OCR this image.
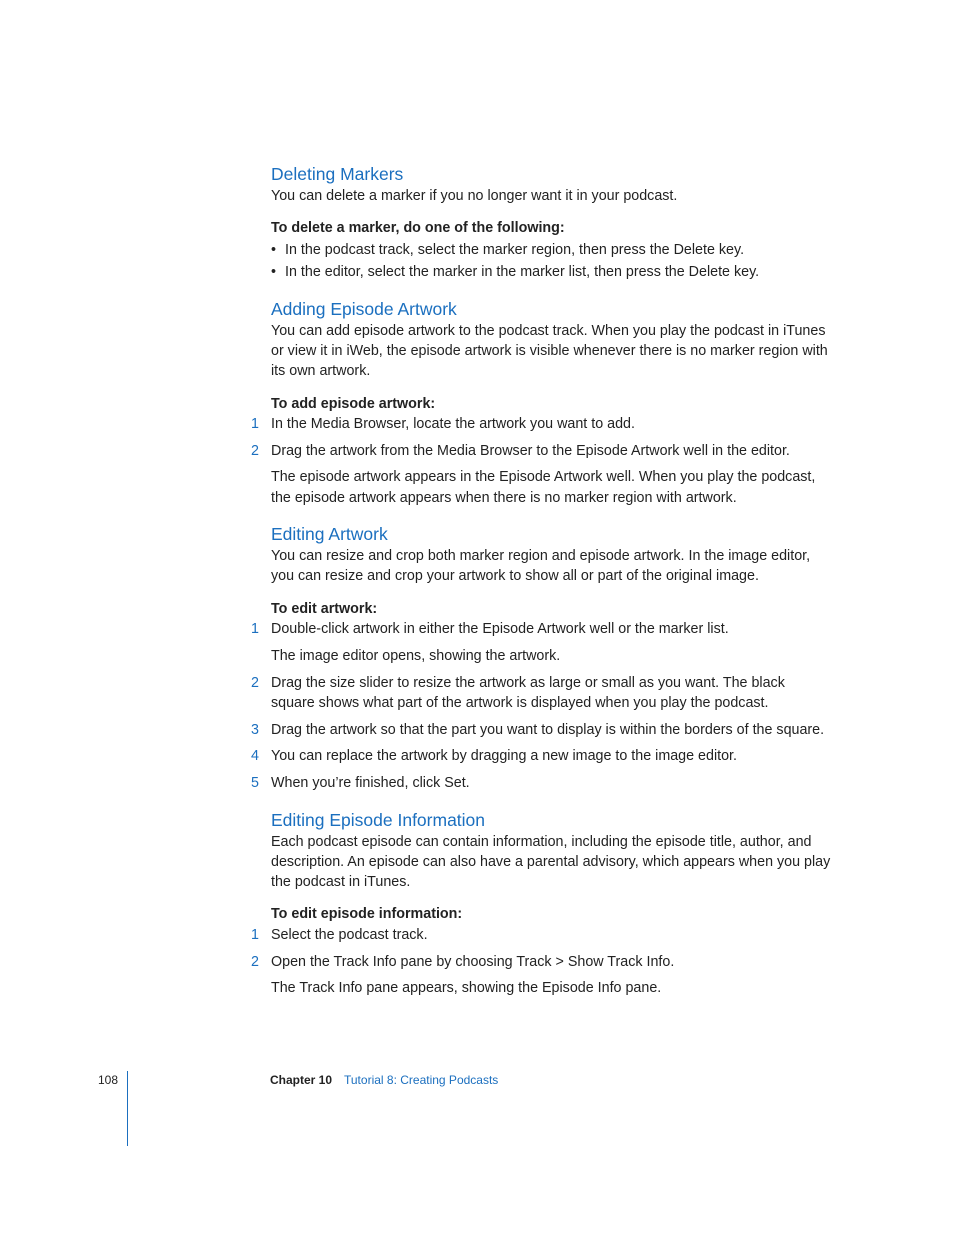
Deleting Markers

You can delete a marker if you no longer want it in your podcast.

To delete a marker, do one of the following:

• In the podcast track, select the marker region, then press the Delete key.
• In the editor, select the marker in the marker list, then press the Delete key.
Adding Episode Artwork

You can add episode artwork to the podcast track. When you play the podcast in iTunes or view it in iWeb, the episode artwork is visible whenever there is no marker region with its own artwork.

To add episode artwork:

1 In the Media Browser, locate the artwork you want to add.
2 Drag the artwork from the Media Browser to the Episode Artwork well in the editor.

The episode artwork appears in the Episode Artwork well. When you play the podcast, the episode artwork appears when there is no marker region with artwork.

Editing Artwork

You can resize and crop both marker region and episode artwork. In the image editor, you can resize and crop your artwork to show all or part of the original image.

To edit artwork:

1 Double-click artwork in either the Episode Artwork well or the marker list.

The image editor opens, showing the artwork.

2 Drag the size slider to resize the artwork as large or small as you want. The black square shows what part of the artwork is displayed when you play the podcast.
3 Drag the artwork so that the part you want to display is within the borders of the square.
4 You can replace the artwork by dragging a new image to the image editor.
5 When you’re finished, click Set.
Editing Episode Information

Each podcast episode can contain information, including the episode title, author, and description. An episode can also have a parental advisory, which appears when you play the podcast in iTunes.

To edit episode information:

1 Select the podcast track.
2 Open the Track Info pane by choosing Track > Show Track Info.

The Track Info pane appears, showing the Episode Info pane.

108	Chapter 10 Tutorial 8: Creating Podcasts
